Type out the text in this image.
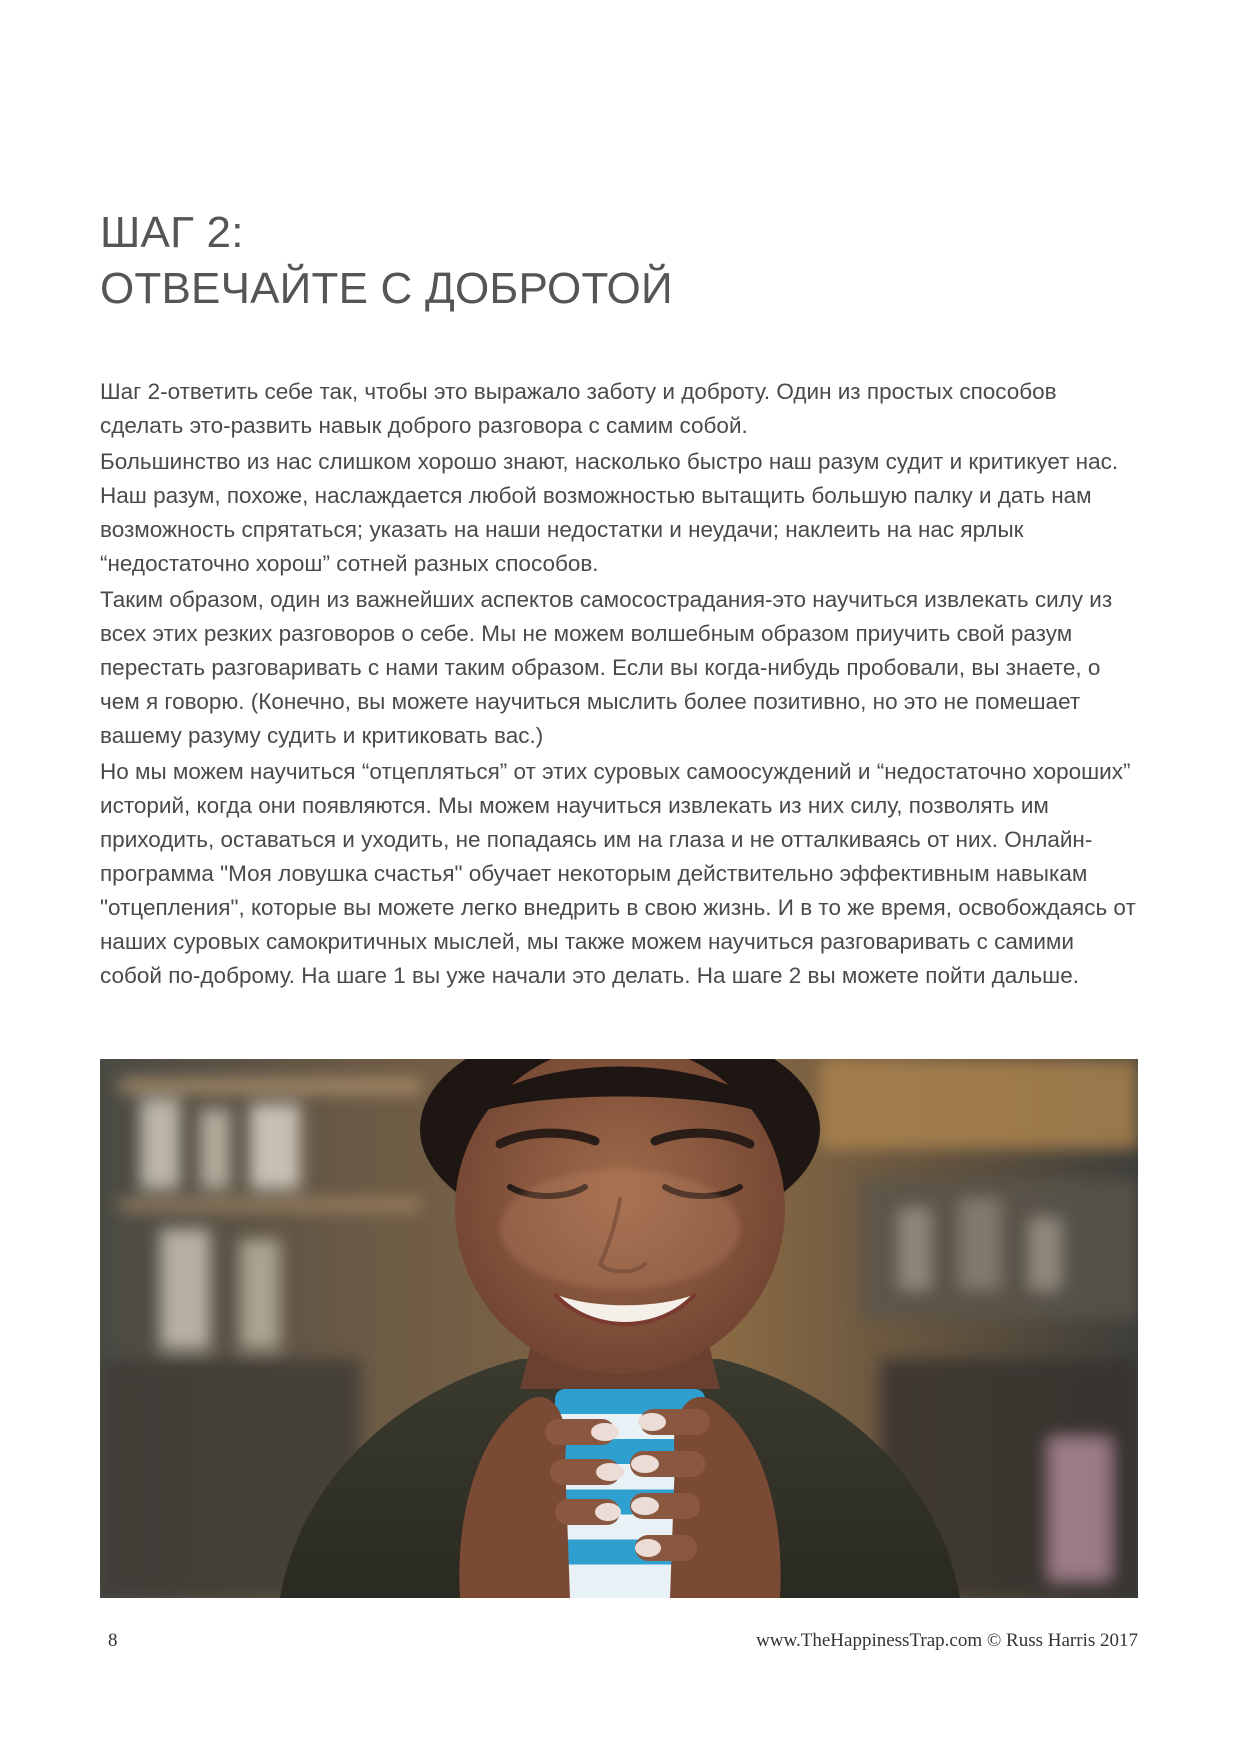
ШАГ 2:
ОТВЕЧАЙТЕ С ДОБРОТОЙ

Шаг 2-ответить себе так, чтобы это выражало заботу и доброту. Один из простых способов сделать это-развить навык доброго разговора с самим собой.

Большинство из нас слишком хорошо знают, насколько быстро наш разум судит и критикует нас. Наш разум, похоже, наслаждается любой возможностью вытащить большую палку и дать нам возможность спрятаться; указать на наши недостатки и неудачи; наклеить на нас ярлык “недостаточно хорош” сотней разных способов.

Таким образом, один из важнейших аспектов самосострадания-это научиться извлекать силу из всех этих резких разговоров о себе. Мы не можем волшебным образом приучить свой разум перестать разговаривать с нами таким образом. Если вы когда-нибудь пробовали, вы знаете, о чем я говорю. (Конечно, вы можете научиться мыслить более позитивно, но это не помешает вашему разуму судить и критиковать вас.)

Но мы можем научиться “отцепляться” от этих суровых самоосуждений и “недостаточно хороших” историй, когда они появляются. Мы можем научиться извлекать из них силу, позволять им приходить, оставаться и уходить, не попадаясь им на глаза и не отталкиваясь от них. Онлайн-программа "Моя ловушка счастья" обучает некоторым действительно эффективным навыкам "отцепления", которые вы можете легко внедрить в свою жизнь. И в то же время, освобождаясь от наших суровых самокритичных мыслей, мы также можем научиться разговаривать с самими собой по-доброму. На шаге 1 вы уже начали это делать. На шаге 2 вы можете пойти дальше.

8	www.TheHappinessTrap.com © Russ Harris 2017
